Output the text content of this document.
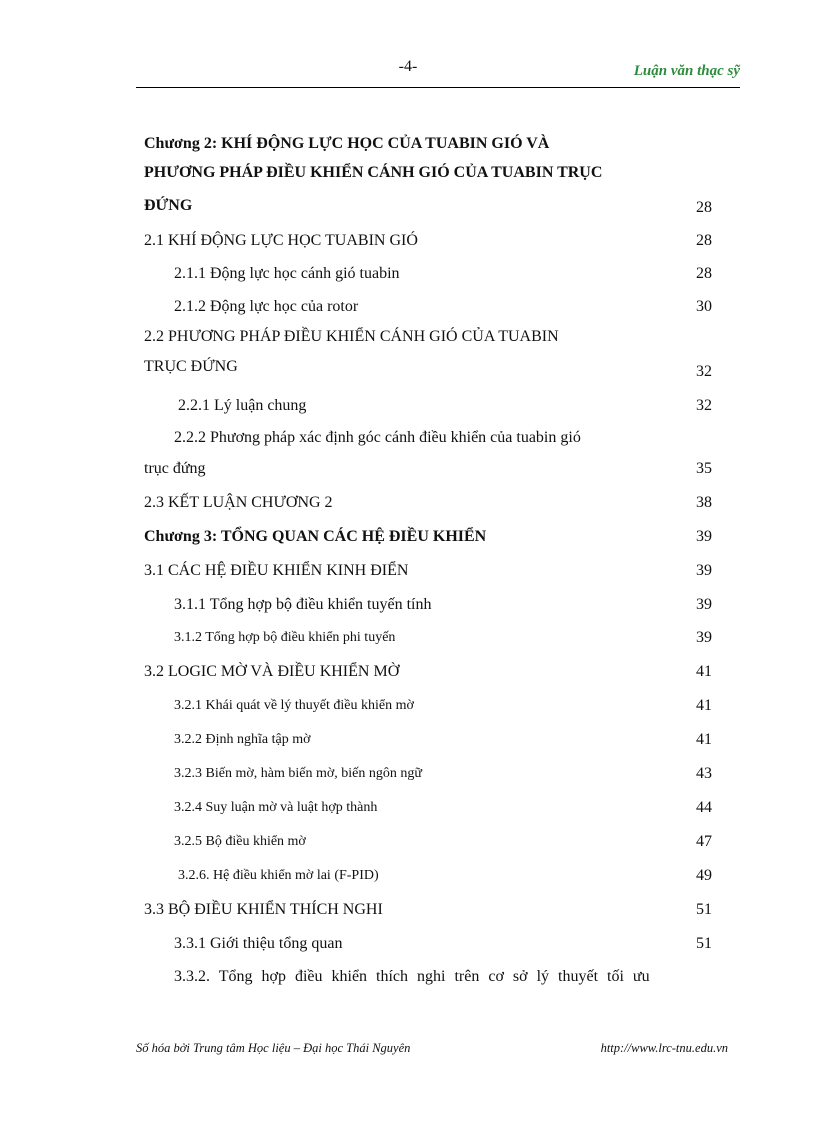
-4-	Luận văn thạc sỹ
Chương 2: KHÍ ĐỘNG LỰC HỌC CỦA TUABIN GIÓ VÀ
PHƯƠNG PHÁP ĐIỀU KHIỂN CÁNH GIÓ CỦA TUABIN TRỤC
ĐỨNG	28
2.1 KHÍ ĐỘNG LỰC HỌC TUABIN GIÓ	28
2.1.1 Động lực học cánh gió tuabin	28
2.1.2 Động lực học của rotor	30
2.2 PHƯƠNG PHÁP ĐIỀU KHIỂN CÁNH GIÓ CỦA TUABIN
TRỤC ĐỨNG	32
2.2.1 Lý luận chung	32
2.2.2 Phương pháp xác định góc cánh điều khiển của tuabin gió
trục đứng	35
2.3 KẾT LUẬN CHƯƠNG 2	38
Chương 3: TỔNG QUAN CÁC HỆ ĐIỀU KHIỂN	39
3.1 CÁC HỆ ĐIỀU KHIỂN KINH ĐIỂN	39
3.1.1 Tổng hợp bộ điều khiển tuyến tính	39
3.1.2 Tổng hợp bộ điều khiển phi tuyến	39
3.2 LOGIC MỜ VÀ ĐIỀU KHIỂN MỜ	41
3.2.1 Khái quát về lý thuyết điều khiển mờ	41
3.2.2 Định nghĩa tập mờ	41
3.2.3 Biến mờ, hàm biến mờ, biến ngôn ngữ	43
3.2.4 Suy luận mờ và luật hợp thành	44
3.2.5 Bộ điều khiển mờ	47
3.2.6. Hệ điều khiển mờ lai (F-PID)	49
3.3 BỘ ĐIỀU KHIỂN THÍCH NGHI	51
3.3.1 Giới thiệu tổng quan	51
3.3.2. Tổng hợp điều khiển thích nghi trên cơ sở lý thuyết tối ưu
Số hóa bởi Trung tâm Học liệu – Đại học Thái Nguyên	http://www.lrc-tnu.edu.vn
